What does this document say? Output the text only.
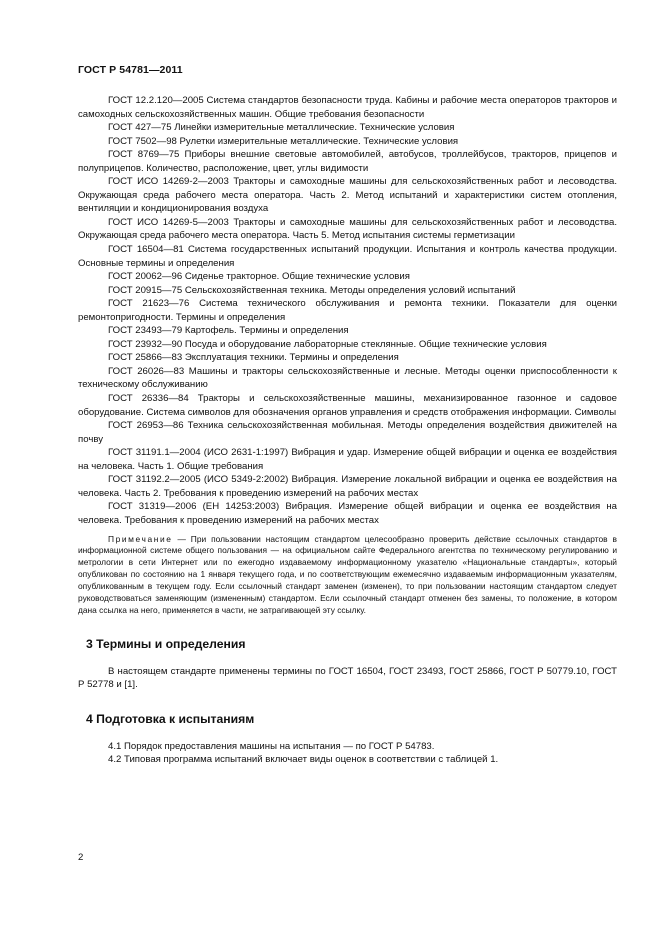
ГОСТ Р 54781—2011

ГОСТ 12.2.120—2005 Система стандартов безопасности труда. Кабины и рабочие места операторов тракторов и самоходных сельскохозяйственных машин. Общие требования безопасности

ГОСТ 427—75 Линейки измерительные металлические. Технические условия

ГОСТ 7502—98 Рулетки измерительные металлические. Технические условия

ГОСТ 8769—75 Приборы внешние световые автомобилей, автобусов, троллейбусов, тракторов, прицепов и полуприцепов. Количество, расположение, цвет, углы видимости

ГОСТ ИСО 14269-2—2003 Тракторы и самоходные машины для сельскохозяйственных работ и лесоводства. Окружающая среда рабочего места оператора. Часть 2. Метод испытаний и характеристики систем отопления, вентиляции и кондиционирования воздуха

ГОСТ ИСО 14269-5—2003 Тракторы и самоходные машины для сельскохозяйственных работ и лесоводства. Окружающая среда рабочего места оператора. Часть 5. Метод испытания системы герметизации

ГОСТ 16504—81 Система государственных испытаний продукции. Испытания и контроль качества продукции. Основные термины и определения

ГОСТ 20062—96 Сиденье тракторное. Общие технические условия

ГОСТ 20915—75 Сельскохозяйственная техника. Методы определения условий испытаний

ГОСТ 21623—76 Система технического обслуживания и ремонта техники. Показатели для оценки ремонтопригодности. Термины и определения

ГОСТ 23493—79 Картофель. Термины и определения

ГОСТ 23932—90 Посуда и оборудование лабораторные стеклянные. Общие технические условия

ГОСТ 25866—83 Эксплуатация техники. Термины и определения

ГОСТ 26026—83 Машины и тракторы сельскохозяйственные и лесные. Методы оценки приспособленности к техническому обслуживанию

ГОСТ 26336—84 Тракторы и сельскохозяйственные машины, механизированное газонное и садовое оборудование. Система символов для обозначения органов управления и средств отображения информации. Символы

ГОСТ 26953—86 Техника сельскохозяйственная мобильная. Методы определения воздействия движителей на почву

ГОСТ 31191.1—2004 (ИСО 2631-1:1997) Вибрация и удар. Измерение общей вибрации и оценка ее воздействия на человека. Часть 1. Общие требования

ГОСТ 31192.2—2005 (ИСО 5349-2:2002) Вибрация. Измерение локальной вибрации и оценка ее воздействия на человека. Часть 2. Требования к проведению измерений на рабочих местах

ГОСТ 31319—2006 (ЕН 14253:2003) Вибрация. Измерение общей вибрации и оценка ее воздействия на человека. Требования к проведению измерений на рабочих местах

Примечание — При пользовании настоящим стандартом целесообразно проверить действие ссылочных стандартов в информационной системе общего пользования — на официальном сайте Федерального агентства по техническому регулированию и метрологии в сети Интернет или по ежегодно издаваемому информационному указателю «Национальные стандарты», который опубликован по состоянию на 1 января текущего года, и по соответствующим ежемесячно издаваемым информационным указателям, опубликованным в текущем году. Если ссылочный стандарт заменен (изменен), то при пользовании настоящим стандартом следует руководствоваться заменяющим (измененным) стандартом. Если ссылочный стандарт отменен без замены, то положение, в котором дана ссылка на него, применяется в части, не затрагивающей эту ссылку.

3 Термины и определения

В настоящем стандарте применены термины по ГОСТ 16504, ГОСТ 23493, ГОСТ 25866, ГОСТ Р 50779.10, ГОСТ Р 52778 и [1].

4 Подготовка к испытаниям

4.1 Порядок предоставления машины на испытания — по ГОСТ Р 54783.

4.2 Типовая программа испытаний включает виды оценок в соответствии с таблицей 1.

2
